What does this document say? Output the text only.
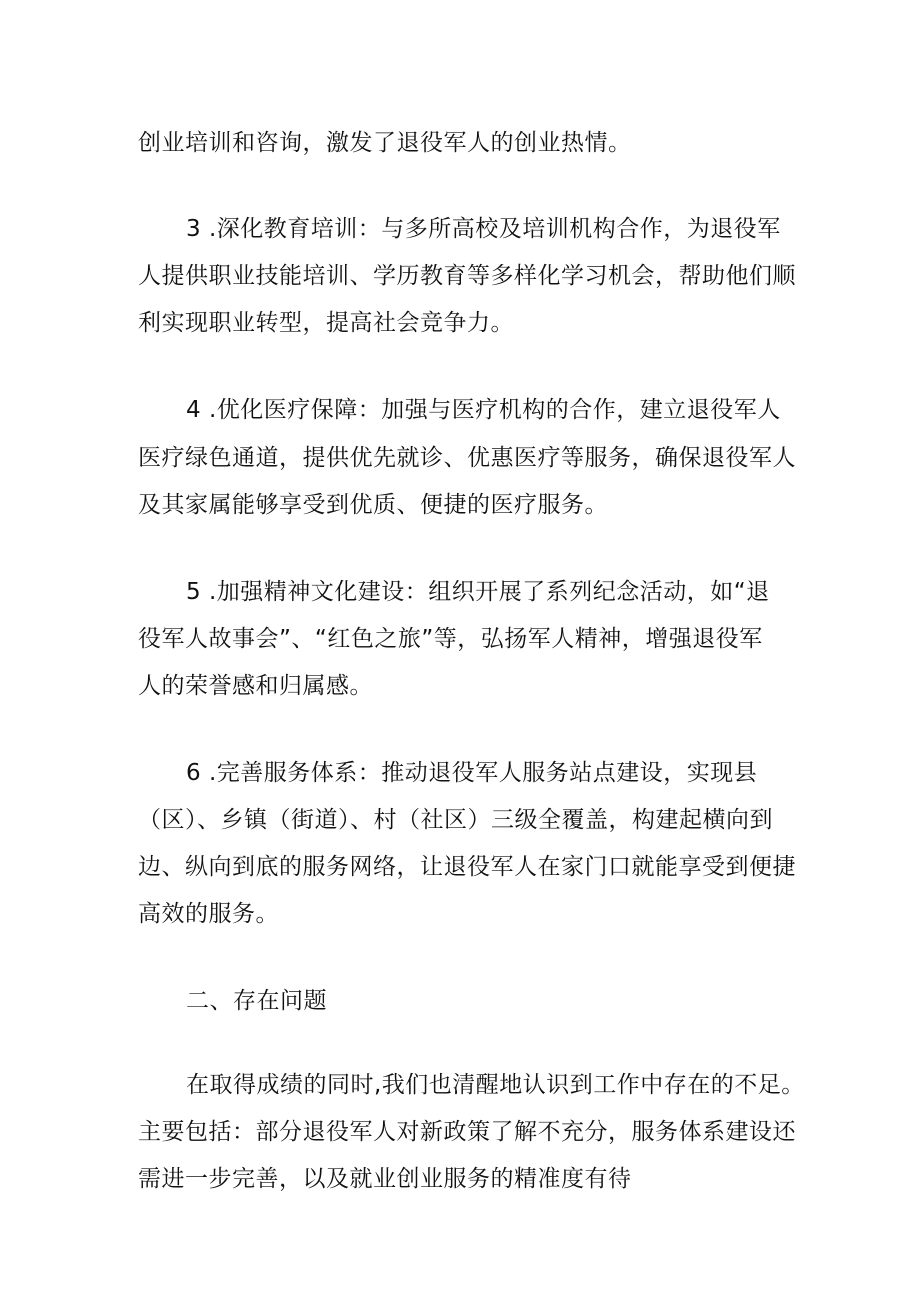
创业培训和咨询，激发了退役军人的创业热情。
3 .深化教育培训：与多所高校及培训机构合作，为退役军
人提供职业技能培训、学历教育等多样化学习机会，帮助他们顺
利实现职业转型，提高社会竞争力。
4 .优化医疗保障：加强与医疗机构的合作，建立退役军人
医疗绿色通道，提供优先就诊、优惠医疗等服务，确保退役军人
及其家属能够享受到优质、便捷的医疗服务。
5 .加强精神文化建设：组织开展了系列纪念活动，如“退
役军人故事会”、“红色之旅”等，弘扬军人精神，增强退役军
人的荣誉感和归属感。
6 .完善服务体系：推动退役军人服务站点建设，实现县
（区）、乡镇（街道）、村（社区）三级全覆盖，构建起横向到
边、纵向到底的服务网络，让退役军人在家门口就能享受到便捷
高效的服务。
二、存在问题
在取得成绩的同时,我们也清醒地认识到工作中存在的不足。
主要包括：部分退役军人对新政策了解不充分，服务体系建设还
需进一步完善，以及就业创业服务的精准度有待
